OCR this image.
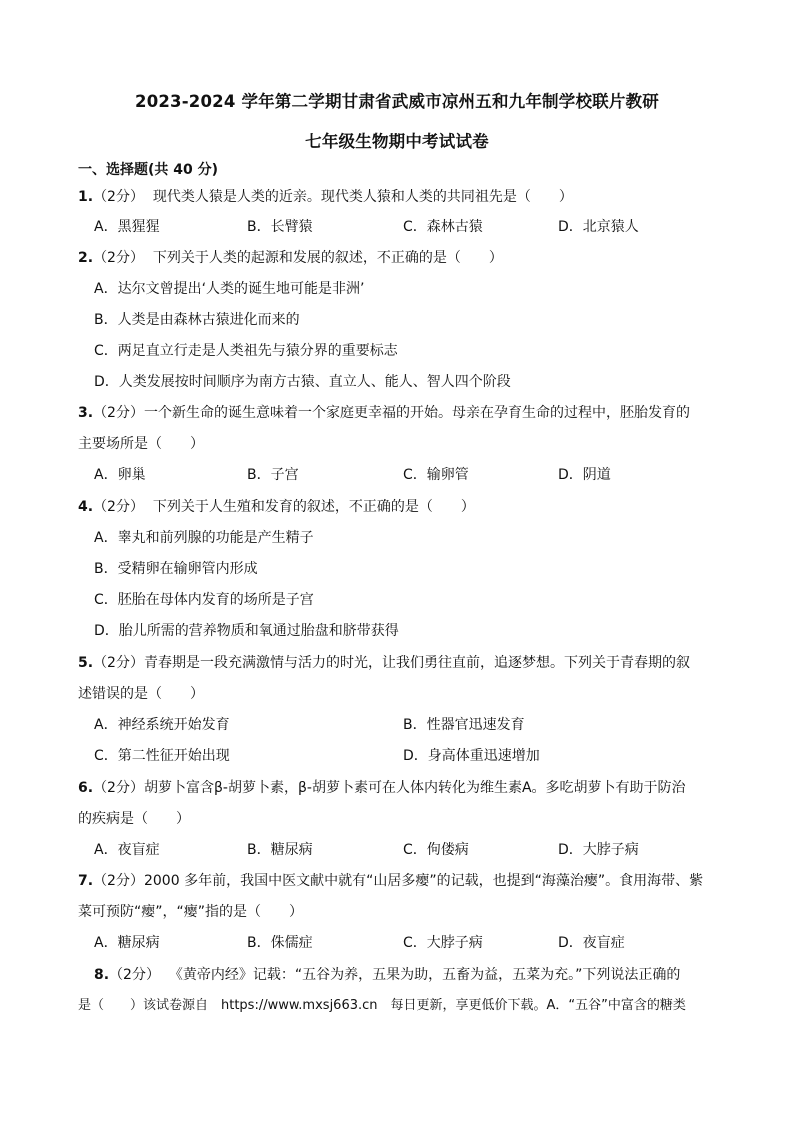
2023-2024 学年第二学期甘肃省武威市凉州五和九年制学校联片教研
七年级生物期中考试试卷
一、选择题(共 40 分)
1.（2分） 现代类人猿是人类的近亲。现代类人猿和人类的共同祖先是（　　）
A．黑猩猩	B．长臂猿	C．森林古猿	D．北京猿人
2.（2分） 下列关于人类的起源和发展的叙述，不正确的是（　　）
A．达尔文曾提出‘人类的诞生地可能是非洲’
B．人类是由森林古猿进化而来的
C．两足直立行走是人类祖先与猿分界的重要标志
D．人类发展按时间顺序为南方古猿、直立人、能人、智人四个阶段
3.（2分）一个新生命的诞生意味着一个家庭更幸福的开始。母亲在孕育生命的过程中，胚胎发育的
主要场所是（　　）
A．卵巢	B．子宫	C．输卵管	D．阴道
4.（2分） 下列关于人生殖和发育的叙述，不正确的是（　　）
A．睾丸和前列腺的功能是产生精子
B．受精卵在输卵管内形成
C．胚胎在母体内发育的场所是子宫
D．胎儿所需的营养物质和氧通过胎盘和脐带获得
5.（2分）青春期是一段充满激情与活力的时光，让我们勇往直前，追逐梦想。下列关于青春期的叙
述错误的是（　　）
A．神经系统开始发育	B．性器官迅速发育
C．第二性征开始出现	D．身高体重迅速增加
6.（2分）胡萝卜富含β-胡萝卜素，β-胡萝卜素可在人体内转化为维生素A。多吃胡萝卜有助于防治
的疾病是（　　）
A．夜盲症	B．糖尿病	C．佝偻病	D．大脖子病
7.（2分）2000 多年前，我国中医文献中就有“山居多瘿”的记载，也提到“海藻治瘿”。食用海带、紫
菜可预防“瘿”，“瘿”指的是（　　）
A．糖尿病	B．侏儒症	C．大脖子病	D．夜盲症
8.（2分） 《黄帝内经》记载：“五谷为养，五果为助，五畜为益，五菜为充。”下列说法正确的
是（　　）该试卷源自　https://www.mxsj663.cn　每日更新，享更低价下载。A．“五谷”中富含的糖类
